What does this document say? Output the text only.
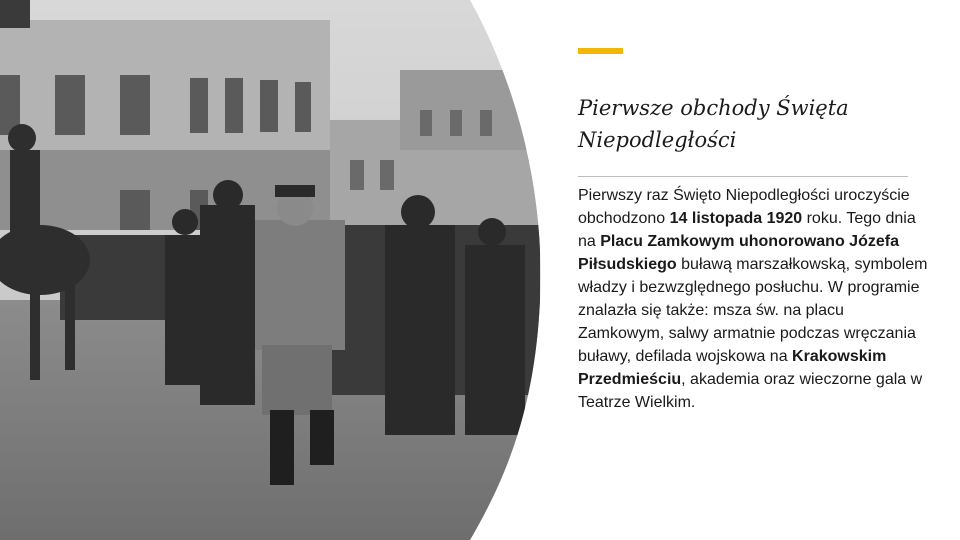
Pierwsze obchody Święta
Niepodległości

Pierwszy raz Święto Niepodległości uroczyście obchodzono 14 listopada 1920 roku. Tego dnia na Placu Zamkowym uhonorowano Józefa Piłsudskiego buławą marszałkowską, symbolem władzy i bezwzględnego posłuchu. W programie znalazła się także: msza św. na placu Zamkowym, salwy armatnie podczas wręczania buławy, defilada wojskowa na Krakowskim Przedmieściu, akademia oraz wieczorne gala w Teatrze Wielkim.
